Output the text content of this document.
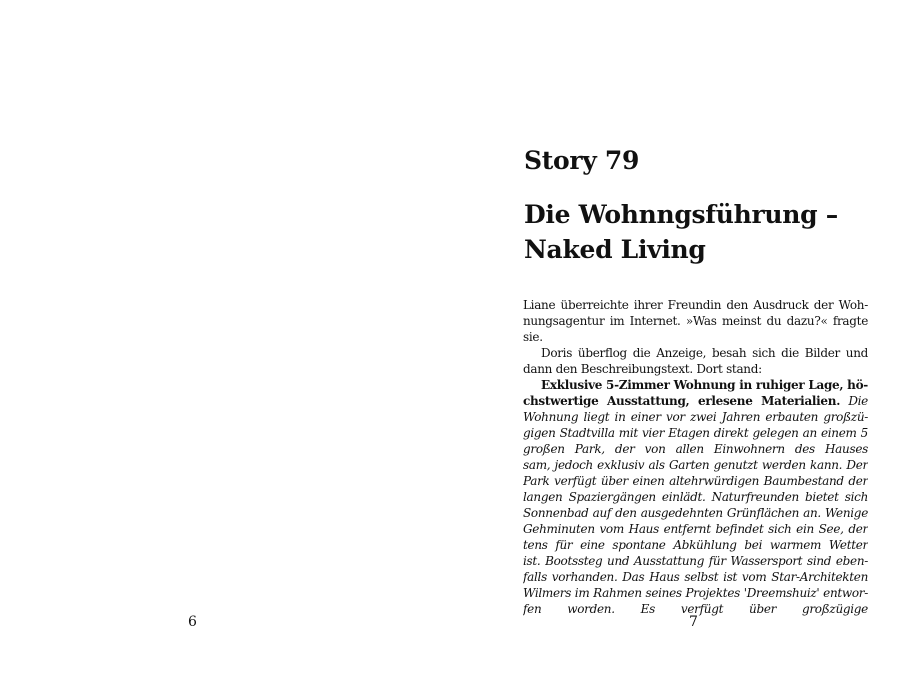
6
Story 79
Die Wohnngsführung –
Naked Living
Liane überreichte ihrer Freundin den Ausdruck der Woh-
nungsagentur im Internet. »Was meinst du dazu?« fragte
sie.
Doris überflog die Anzeige, besah sich die Bilder und
dann den Beschreibungstext. Dort stand:
Exklusive 5-Zimmer Wohnung in ruhiger Lage, hö-
chstwertige Ausstattung, erlesene Materialien. Die
Wohnung liegt in einer vor zwei Jahren erbauten großzü-
gigen Stadtvilla mit vier Etagen direkt gelegen an einem 5
großen Park, der von allen Einwohnern des Hauses
sam, jedoch exklusiv als Garten genutzt werden kann. Der
Park verfügt über einen altehrwürdigen Baumbestand der
langen Spaziergängen einlädt. Naturfreunden bietet sich
Sonnenbad auf den ausgedehnten Grünflächen an. Wenige
Gehminuten vom Haus entfernt befindet sich ein See, der
tens für eine spontane Abkühlung bei warmem Wetter
ist. Bootssteg und Ausstattung für Wassersport sind eben-
falls vorhanden. Das Haus selbst ist vom Star-Architekten
Wilmers im Rahmen seines Projektes 'Dreemshuiz' entwor-
fen worden. Es verfügt über großzügige
7
